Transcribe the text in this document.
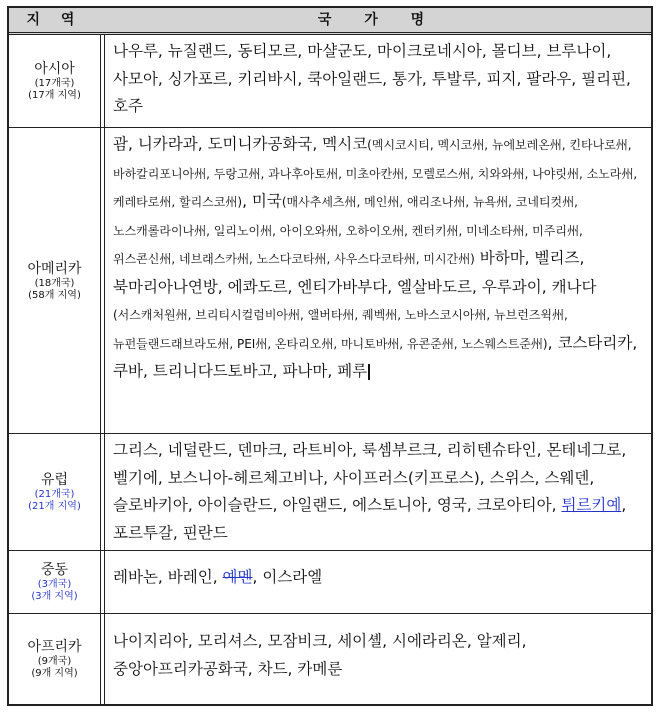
지 역	국 가 명
아시아
(17개국)
(17개 지역)
나우루, 뉴질랜드, 동티모르, 마샬군도, 마이크로네시아, 몰디브, 브루나이, 사모아, 싱가포르, 키리바시, 쿡아일랜드, 통가, 투발루, 피지, 팔라우, 필리핀, 호주
아메리카
(18개국)
(58개 지역)
괌, 니카라과, 도미니카공화국, 멕시코(멕시코시티, 멕시코州, 뉴에보레온州, 킨타나로州, 바하칼리포니아州, 두랑고州, 과나후아토州, 미초아칸州, 모렐로스州, 치와와州, 나야릿州, 소노라州, 케레타로州, 할리스코州), 미국(매사추세츠州, 메인州, 애리조나州, 뉴욕州, 코네티컷州, 노스캐롤라이나州, 일리노이州, 아이오와州, 오하이오州, 켄터키州, 미네소타州, 미주리州, 위스콘신州, 네브래스카州, 노스다코타州, 사우스다코타州, 미시간州) 바하마, 벨리즈, 북마리아나연방, 에콰도르, 엔티가바부다, 엘살바도르, 우루과이, 캐나다(서스캐처원州, 브리티시컬럼비아州, 앨버타州, 퀘벡州, 노바스코시아州, 뉴브런즈윅州, 뉴펀들랜드래브라도州, PEI州, 온타리오州, 마니토바州, 유콘준州, 노스웨스트준州), 코스타리카, 쿠바, 트리니다드토바고, 파나마, 페루
유럽
(21개국)
(21개 지역)
그리스, 네덜란드, 덴마크, 라트비아, 룩셈부르크, 리히텐슈타인, 몬테네그로, 벨기에, 보스니아-헤르체고비나, 사이프러스(키프로스), 스위스, 스웨덴, 슬로바키아, 아이슬란드, 아일랜드, 에스토니아, 영국, 크로아티아, 튀르키예, 포르투갈, 핀란드
중동
(3개국)
(3개 지역)
레바논, 바레인, 예멘, 이스라엘
아프리카
(9개국)
(9개 지역)
나이지리아, 모리셔스, 모잠비크, 세이셸, 시에라리온, 알제리, 중앙아프리카공화국, 차드, 카메룬
